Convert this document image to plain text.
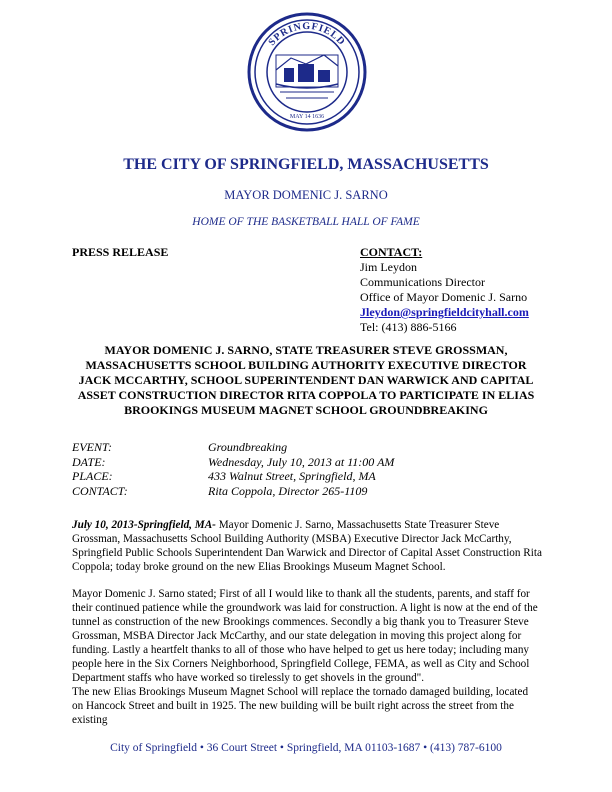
SPRINGFIELD
MAY 14 1636
THE CITY OF SPRINGFIELD, MASSACHUSETTS
MAYOR DOMENIC J. SARNO
HOME OF THE BASKETBALL HALL OF FAME
PRESS RELEASE	CONTACT:
Jim Leydon
Communications Director
Office of Mayor Domenic J. Sarno
Jleydon@springfieldcityhall.com
Tel: (413) 886-5166
MAYOR DOMENIC J. SARNO, STATE TREASURER STEVE GROSSMAN,
MASSACHUSETTS SCHOOL BUILDING AUTHORITY EXECUTIVE DIRECTOR
JACK MCCARTHY, SCHOOL SUPERINTENDENT DAN WARWICK AND CAPITAL
ASSET CONSTRUCTION DIRECTOR RITA COPPOLA TO PARTICIPATE IN ELIAS
BROOKINGS MUSEUM MAGNET SCHOOL GROUNDBREAKING
EVENT:	Groundbreaking
DATE:	Wednesday, July 10, 2013 at 11:00 AM
PLACE:	433 Walnut Street, Springfield, MA
CONTACT:	Rita Coppola, Director 265-1109

July 10, 2013-Springfield, MA- Mayor Domenic J. Sarno, Massachusetts State Treasurer Steve Grossman, Massachusetts School Building Authority (MSBA) Executive Director Jack McCarthy, Springfield Public Schools Superintendent Dan Warwick and Director of Capital Asset Construction Rita Coppola; today broke ground on the new Elias Brookings Museum Magnet School.

Mayor Domenic J. Sarno stated; First of all I would like to thank all the students, parents, and staff for their continued patience while the groundwork was laid for construction. A light is now at the end of the tunnel as construction of the new Brookings commences. Secondly a big thank you to Treasurer Steve Grossman, MSBA Director Jack McCarthy, and our state delegation in moving this project along for funding. Lastly a heartfelt thanks to all of those who have helped to get us here today; including many people here in the Six Corners Neighborhood, Springfield College, FEMA, as well as City and School Department staffs who have worked so tirelessly to get shovels in the ground".

The new Elias Brookings Museum Magnet School will replace the tornado damaged building, located on Hancock Street and built in 1925. The new building will be built right across the street from the existing

City of Springfield • 36 Court Street • Springfield, MA 01103-1687 • (413) 787-6100
